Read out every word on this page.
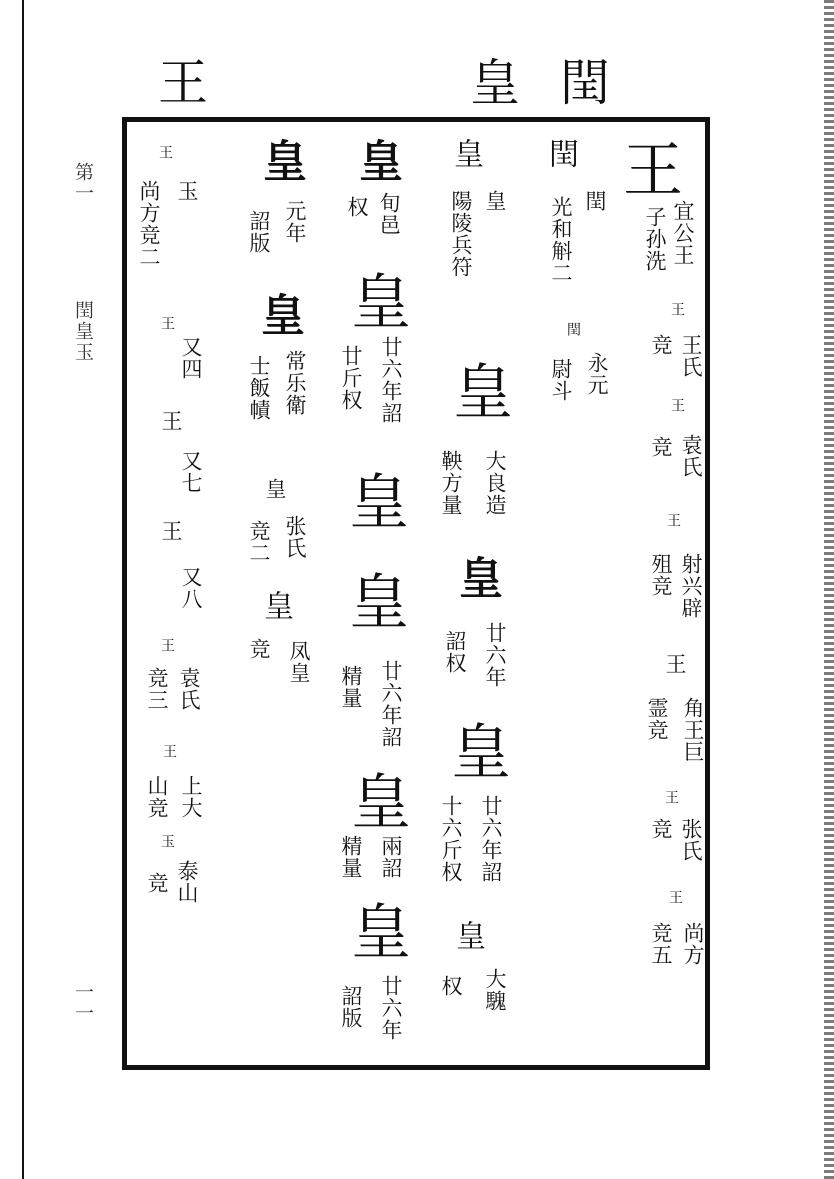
第一
閏皇玉
一一
王	皇 閏
王
宜公王
子孙洗
王
王氏
竞
王
袁氏
竞
王
射兴辟
殂竞
王
角王巨
霊竞
王
张氏
竞
王
尚方
竞五
閏
閏
光和斛二
閏
永元
尉斗
皇
皇
陽陵兵符
皇
大良造
鞅方量
皇
廿六年
詔权
皇
廿六年詔
十六斤权
皇
大騩
权
皇
旬邑
权
皇
廿六年詔
廿斤权
皇
皇
廿六年詔
精量
皇
兩詔
精量
皇
廿六年
詔版
皇
元年
詔版
皇
常乐衛
士飯幘
皇
张氏
竞二
皇
凤皇
竞
王
玉
尚方竞二
王
又四
王
又七
王
又八
王
袁氏
竞三
王
上大
山竞
玉
泰山
竞
